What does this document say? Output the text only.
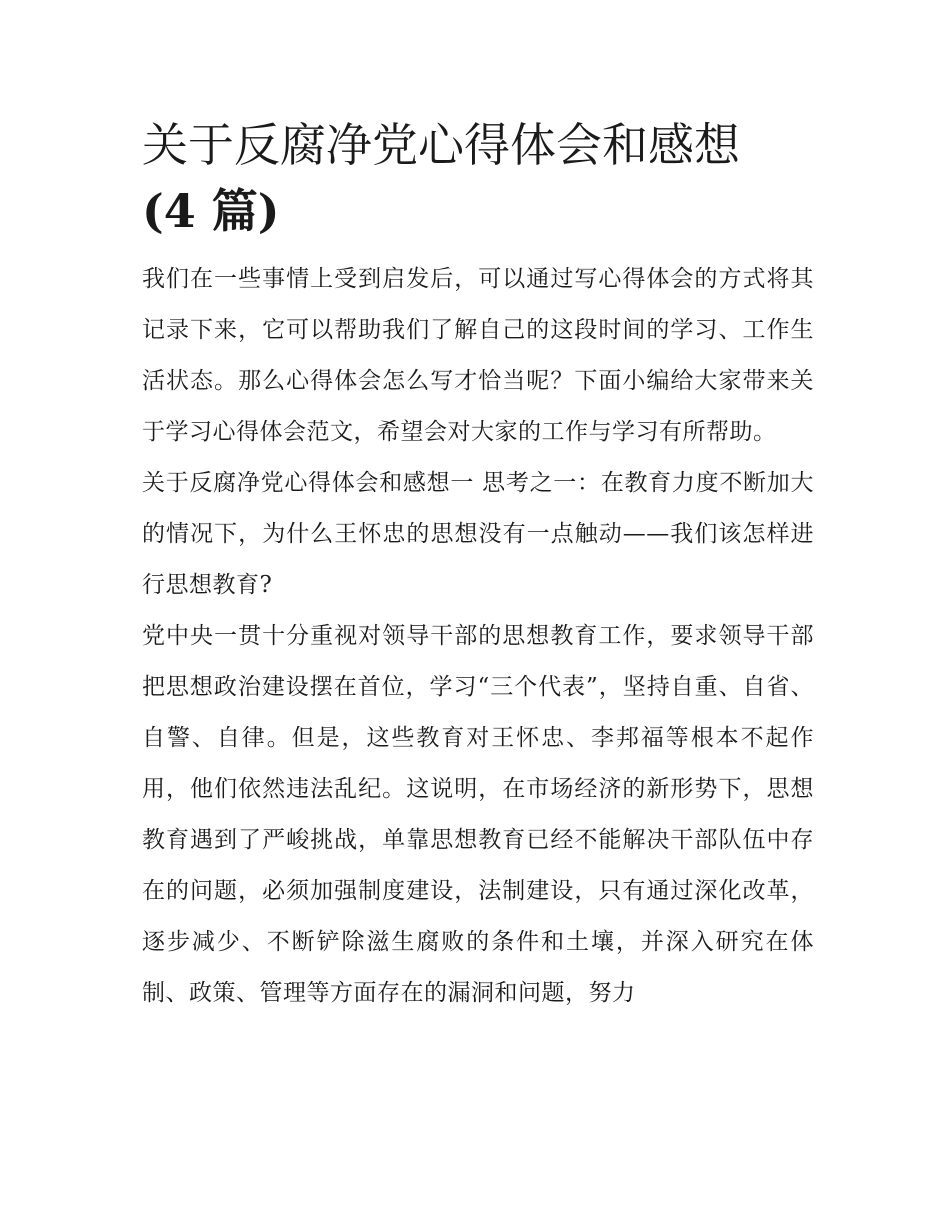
关于反腐净党心得体会和感想
(4 篇)

我们在一些事情上受到启发后，可以通过写心得体会的方式将其记录下来，它可以帮助我们了解自己的这段时间的学习、工作生活状态。那么心得体会怎么写才恰当呢？下面小编给大家带来关于学习心得体会范文，希望会对大家的工作与学习有所帮助。

关于反腐净党心得体会和感想一 思考之一：在教育力度不断加大的情况下，为什么王怀忠的思想没有一点触动——我们该怎样进行思想教育?

党中央一贯十分重视对领导干部的思想教育工作，要求领导干部把思想政治建设摆在首位，学习“三个代表”，坚持自重、自省、自警、自律。但是，这些教育对王怀忠、李邦福等根本不起作用，他们依然违法乱纪。这说明，在市场经济的新形势下，思想教育遇到了严峻挑战，单靠思想教育已经不能解决干部队伍中存在的问题，必须加强制度建设，法制建设，只有通过深化改革，逐步减少、不断铲除滋生腐败的条件和土壤，并深入研究在体制、政策、管理等方面存在的漏洞和问题，努力
